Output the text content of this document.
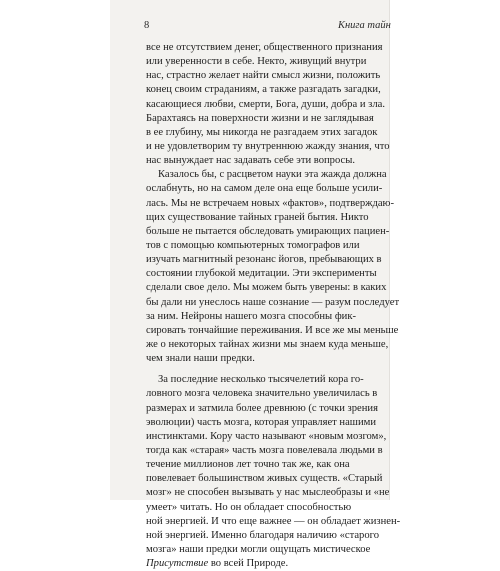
8	Книга тайн
все не отсутствием денег, общественного признания
или уверенности в себе. Некто, живущий внутри
нас, страстно желает найти смысл жизни, положить
конец своим страданиям, а также разгадать загадки,
касающиеся любви, смерти, Бога, души, добра и зла.
Барахтаясь на поверхности жизни и не заглядывая
в ее глубину, мы никогда не разгадаем этих загадок
и не удовлетворим ту внутреннюю жажду знания, что
нас вынуждает нас задавать себе эти вопросы.
Казалось бы, с расцветом науки эта жажда должна
ослабнуть, но на самом деле она еще больше усили-
лась. Мы не встречаем новых «фактов», подтверждаю-
щих существование тайных граней бытия. Никто
больше не пытается обследовать умирающих пациен-
тов с помощью компьютерных томографов или
изучать магнитный резонанс йогов, пребывающих в
состоянии глубокой медитации. Эти эксперименты
сделали свое дело. Мы можем быть уверены: в каких
бы дали ни унеслось наше сознание — разум последует
за ним. Нейроны нашего мозга способны фик-
сировать тончайшие переживания. И все же мы меньше
же о некоторых тайнах жизни мы знаем куда меньше,
чем знали наши предки.
За последние несколько тысячелетий кора го-
ловного мозга человека значительно увеличилась в
размерах и затмила более древнюю (с точки зрения
эволюции) часть мозга, которая управляет нашими
инстинктами. Кору часто называют «новым мозгом»,
тогда как «старая» часть мозга повелевала людьми в
течение миллионов лет точно так же, как она
повелевает большинством живых существ. «Старый
мозг» не способен вызывать у нас мыслеобразы и «не
умеет» читать. Но он обладает способностью
ной энергией. И что еще важнее — он обладает жизнен-
ной энергией. Именно благодаря наличию «старого
мозга» наши предки могли ощущать мистическое
Присутствие во всей Природе.
